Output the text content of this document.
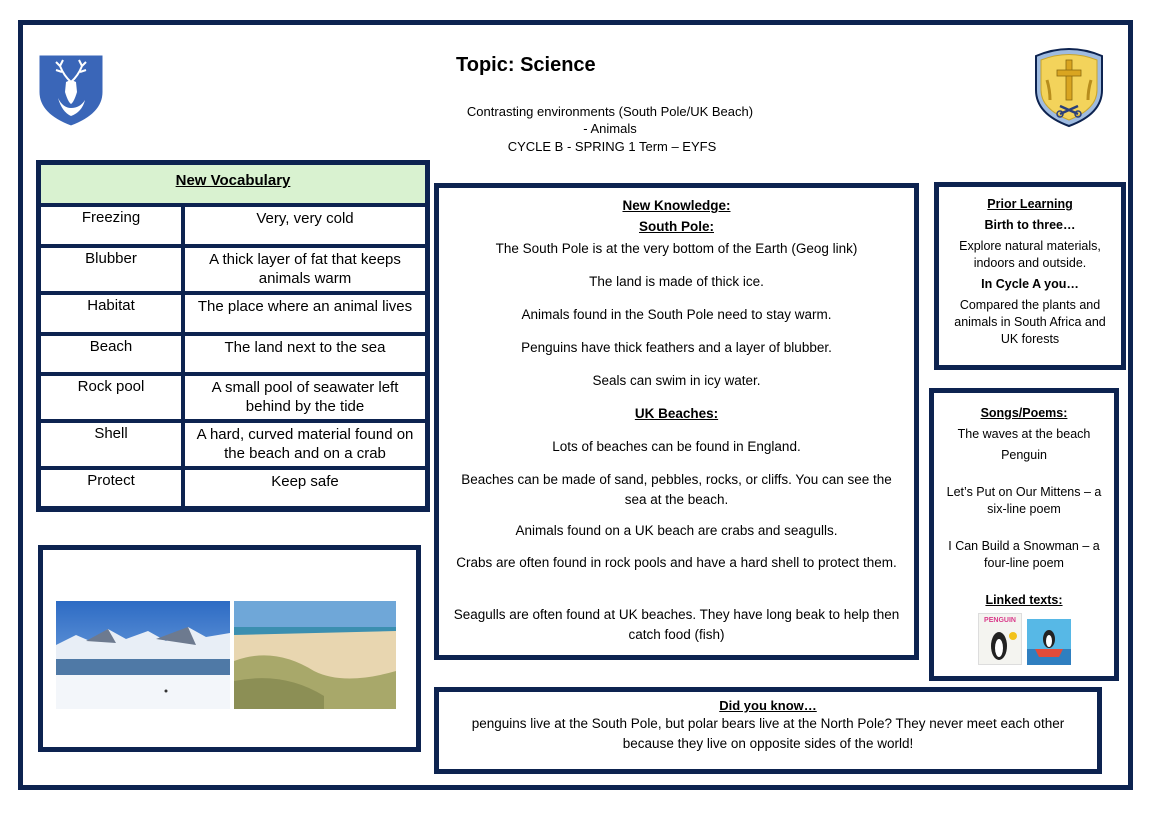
Topic: Science
Contrasting environments (South Pole/UK Beach)
- Animals
CYCLE B - SPRING 1 Term – EYFS
New Vocabulary
Freezing	Very, very cold
Blubber	A thick layer of fat that keeps animals warm
Habitat	The place where an animal lives
Beach	The land next to the sea
Rock pool	A small pool of seawater left behind by the tide
Shell	A hard, curved material found on the beach and on a crab
Protect	Keep safe
New Knowledge:
South Pole:
The South Pole is at the very bottom of the Earth (Geog link)
The land is made of thick ice.
Animals found in the South Pole need to stay warm.
Penguins have thick feathers and a layer of blubber.
Seals can swim in icy water.
UK Beaches:
Lots of beaches can be found in England.
Beaches can be made of sand, pebbles, rocks, or cliffs. You can see the sea at the beach.
Animals found on a UK beach are crabs and seagulls.
Crabs are often found in rock pools and have a hard shell to protect them.
Seagulls are often found at UK beaches. They have long beak to help then catch food (fish)
Prior Learning
Birth to three…
Explore natural materials, indoors and outside.
In Cycle A you…
Compared the plants and animals in South Africa and UK forests
Songs/Poems:
The waves at the beach
Penguin
Let’s Put on Our Mittens – a six-line poem
I Can Build a Snowman – a four-line poem
Linked texts:
PENGUIN
Did you know…
penguins live at the South Pole, but polar bears live at the North Pole? They never meet each other because they live on opposite sides of the world!
